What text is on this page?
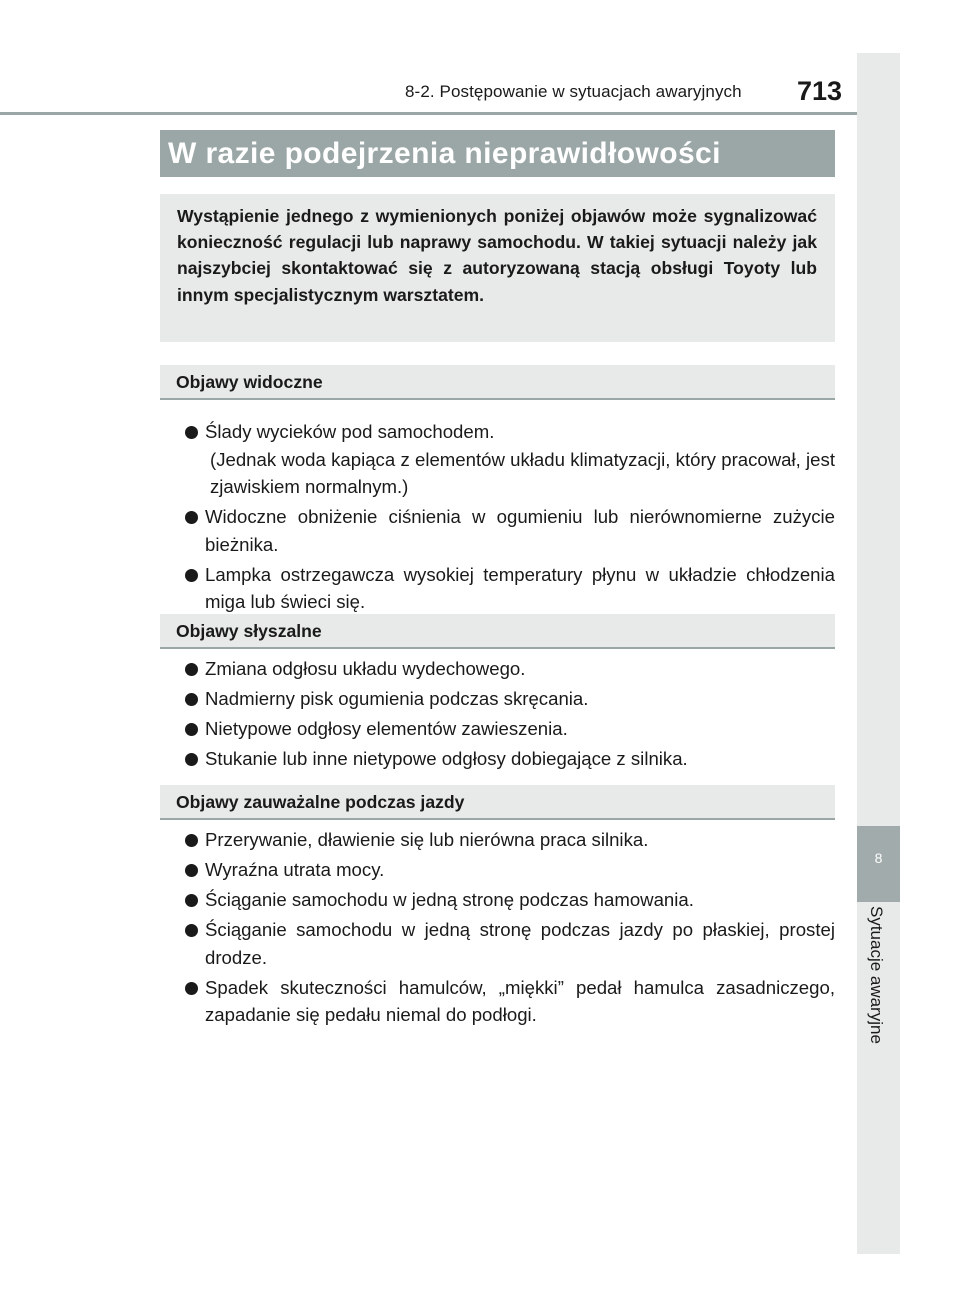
8-2. Postępowanie w sytuacjach awaryjnych 713
8
Sytuacje awaryjne
W razie podejrzenia nieprawidłowości

Wystąpienie jednego z wymienionych poniżej objawów może sygnalizować konieczność regulacji lub naprawy samochodu. W takiej sytuacji należy jak najszybciej skontaktować się z autoryzowaną stacją obsługi Toyoty lub innym specjalistycznym warsztatem.

Objawy widoczne
Ślady wycieków pod samochodem.
(Jednak woda kapiąca z elementów układu klimatyzacji, który pracował, jest zjawiskiem normalnym.)
Widoczne obniżenie ciśnienia w ogumieniu lub nierównomierne zużycie bieżnika.
Lampka ostrzegawcza wysokiej temperatury płynu w układzie chłodzenia miga lub świeci się.
Objawy słyszalne
Zmiana odgłosu układu wydechowego.
Nadmierny pisk ogumienia podczas skręcania.
Nietypowe odgłosy elementów zawieszenia.
Stukanie lub inne nietypowe odgłosy dobiegające z silnika.
Objawy zauważalne podczas jazdy
Przerywanie, dławienie się lub nierówna praca silnika.
Wyraźna utrata mocy.
Ściąganie samochodu w jedną stronę podczas hamowania.
Ściąganie samochodu w jedną stronę podczas jazdy po płaskiej, prostej drodze.
Spadek skuteczności hamulców, „miękki” pedał hamulca zasadniczego, zapadanie się pedału niemal do podłogi.
